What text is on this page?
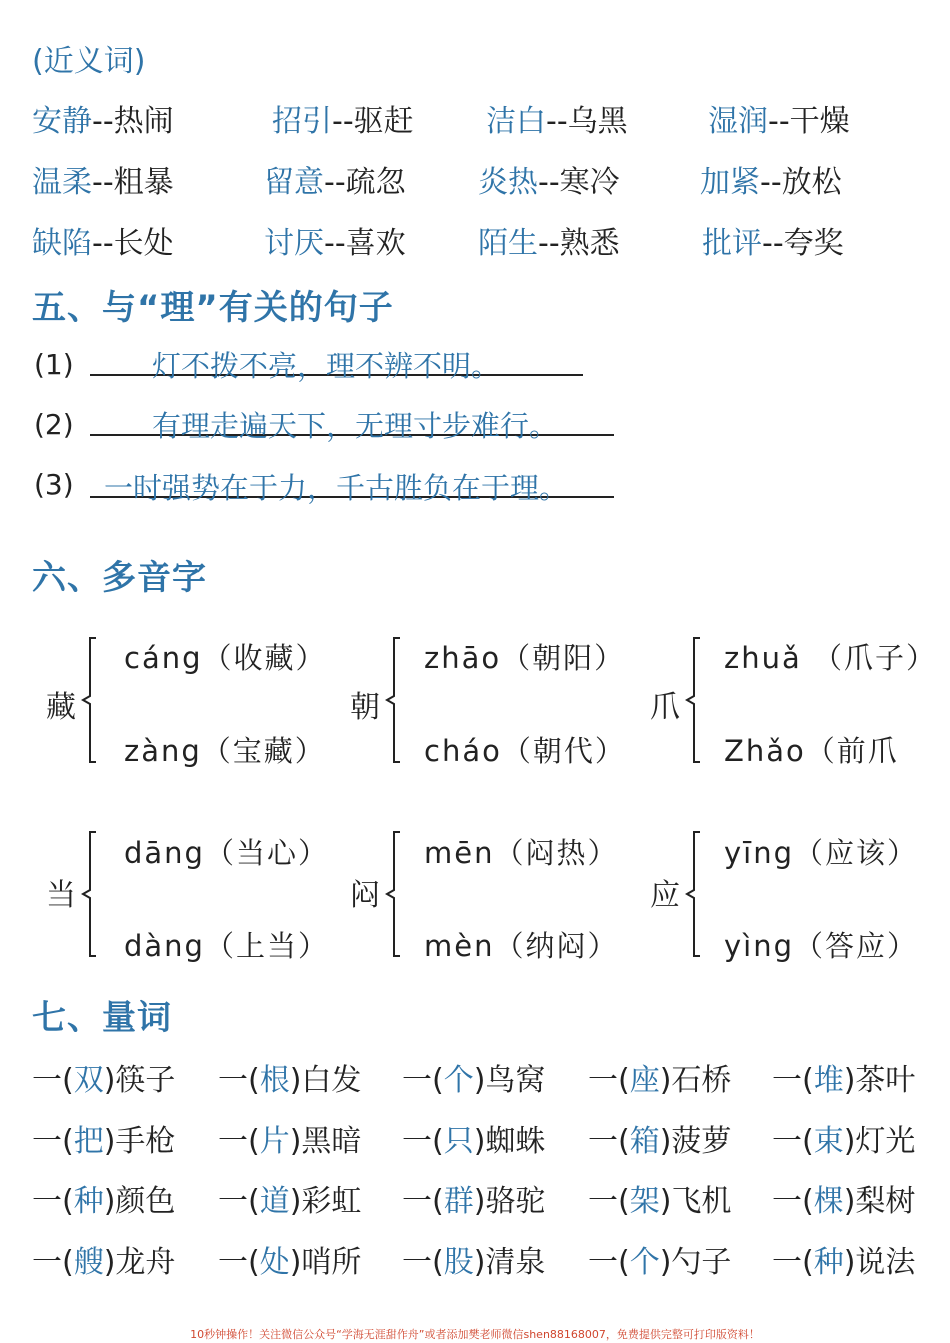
(近义词)
安静--热闹	招引--驱赶 洁白--乌黑	湿润--干燥
温柔--粗暴	留意--疏忽 炎热--寒冷	加紧--放松
缺陷--长处	讨厌--喜欢 陌生--熟悉	批评--夸奖
五、与“理”有关的句子
(1)	灯不拨不亮，理不辨不明。
(2)	有理走遍天下，无理寸步难行。
(3) 一时强势在于力，千古胜负在于理。
六、多音字
藏
cáng（收藏）
zàng（宝藏）
朝
zhāo（朝阳）
cháo（朝代）
爪
zhuǎ （爪子）
Zhǎo（前爪
当
dāng（当心）
dàng（上当）
闷
mēn（闷热）
mèn（纳闷）
应
yīng（应该）
yìng（答应）
七、量词
一(双)筷子 一(根)白发 一(个)鸟窝 一(座)石桥 一(堆)茶叶
一(把)手枪 一(片)黑暗 一(只)蜘蛛 一(箱)菠萝 一(束)灯光
一(种)颜色 一(道)彩虹 一(群)骆驼 一(架)飞机 一(棵)梨树
一(艘)龙舟 一(处)哨所 一(股)清泉 一(个)勺子 一(种)说法
10秒钟操作！关注微信公众号“学海无涯甜作舟”或者添加樊老师微信shen88168007，免费提供完整可打印版资料！
